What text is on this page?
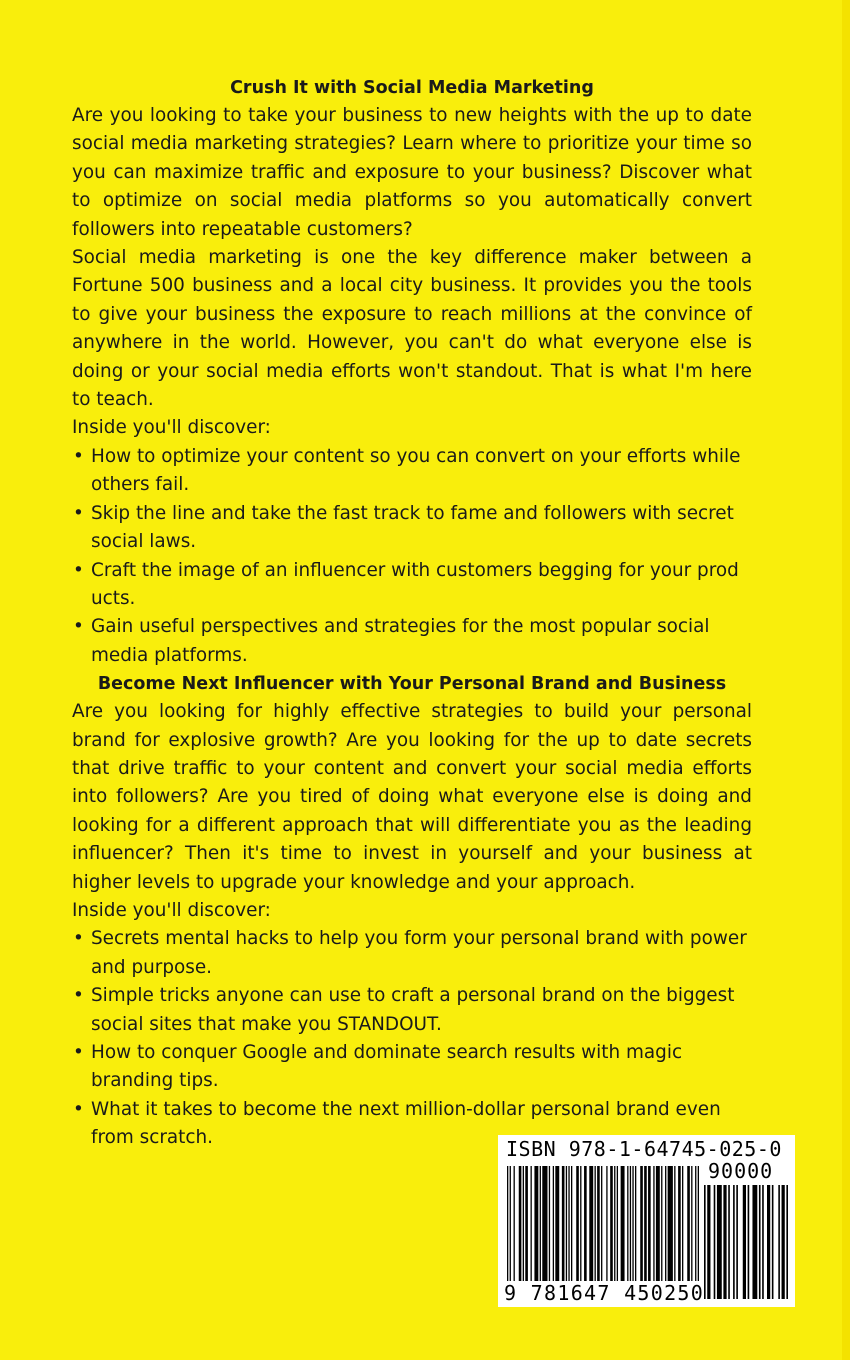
Crush It with Social Media Marketing

Are you looking to take your business to new heights with the up to date social media marketing strategies? Learn where to prioritize your time so you can maximize traffic and exposure to your business? Discover what to optimize on social media platforms so you automatically convert followers into repeatable customers?

Social media marketing is one the key difference maker between a Fortune 500 business and a local city business. It provides you the tools to give your business the exposure to reach millions at the convince of anywhere in the world. However, you can't do what everyone else is doing or your social media efforts won't standout. That is what I'm here to teach.

Inside you'll discover:

• How to optimize your content so you can convert on your efforts while others fail.
• Skip the line and take the fast track to fame and followers with secret social laws.
• Craft the image of an influencer with customers begging for your prod ucts.
• Gain useful perspectives and strategies for the most popular social media platforms.
Become Next Influencer with Your Personal Brand and Business

Are you looking for highly effective strategies to build your personal brand for explosive growth? Are you looking for the up to date secrets that drive traffic to your content and convert your social media efforts into followers? Are you tired of doing what everyone else is doing and looking for a different approach that will differentiate you as the leading influencer? Then it's time to invest in yourself and your business at higher levels to upgrade your knowledge and your approach.

Inside you'll discover:

• Secrets mental hacks to help you form your personal brand with power and purpose.
• Simple tricks anyone can use to craft a personal brand on the biggest social sites that make you STANDOUT.
• How to conquer Google and dominate search results with magic branding tips.
• What it takes to become the next million-dollar personal brand even from scratch.	ISBN 978-1-64745-025-0
90000
9 781647 450250
